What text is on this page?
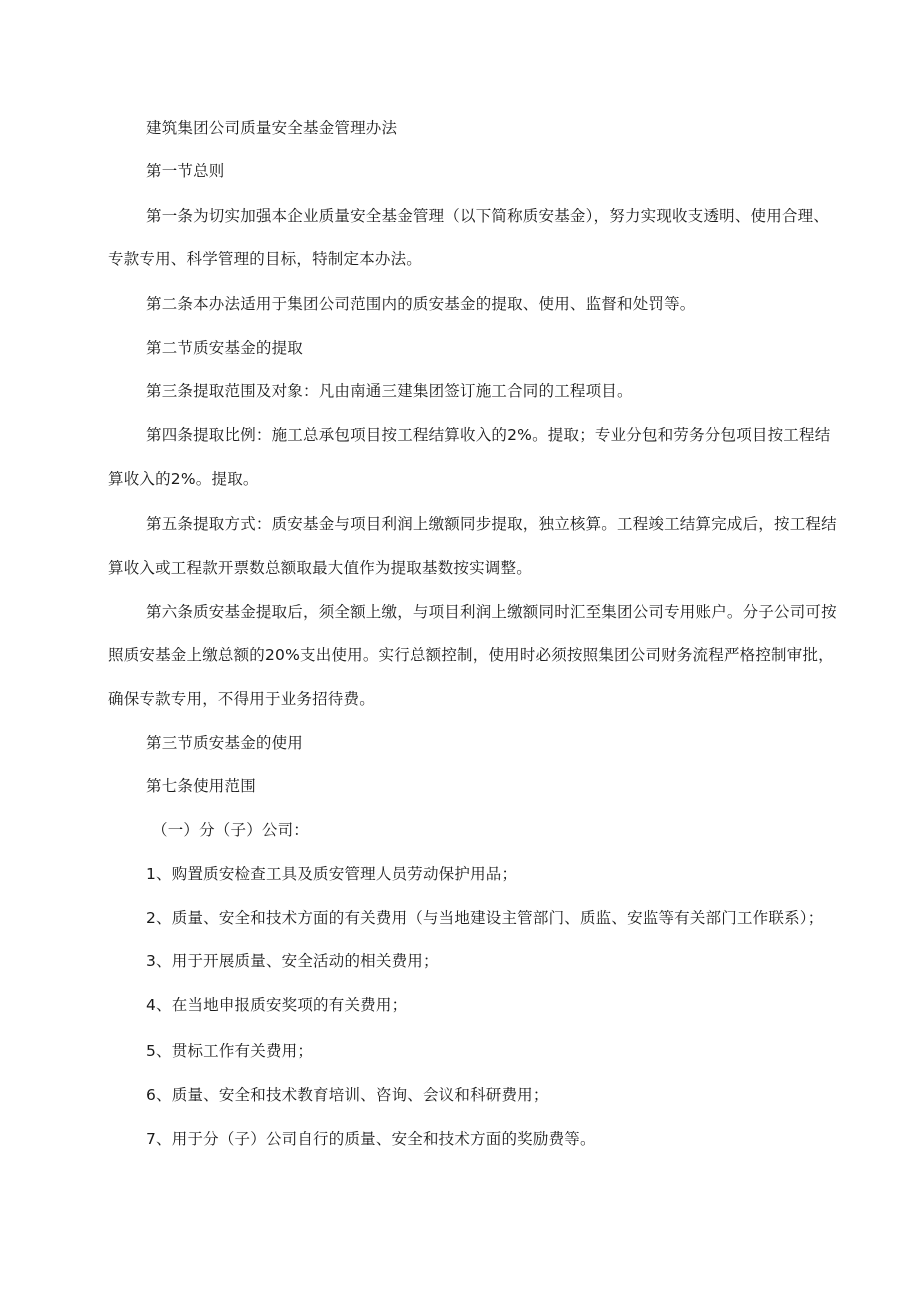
建筑集团公司质量安全基金管理办法
第一节总则
第一条为切实加强本企业质量安全基金管理（以下简称质安基金），努力实现收支透明、使用合理、
专款专用、科学管理的目标，特制定本办法。
第二条本办法适用于集团公司范围内的质安基金的提取、使用、监督和处罚等。
第二节质安基金的提取
第三条提取范围及对象：凡由南通三建集团签订施工合同的工程项目。
第四条提取比例：施工总承包项目按工程结算收入的2%。提取；专业分包和劳务分包项目按工程结
算收入的2%。提取。
第五条提取方式：质安基金与项目利润上缴额同步提取，独立核算。工程竣工结算完成后，按工程结
算收入或工程款开票数总额取最大值作为提取基数按实调整。
第六条质安基金提取后，须全额上缴，与项目利润上缴额同时汇至集团公司专用账户。分子公司可按
照质安基金上缴总额的20%支出使用。实行总额控制，使用时必须按照集团公司财务流程严格控制审批，
确保专款专用，不得用于业务招待费。
第三节质安基金的使用
第七条使用范围
（一）分（子）公司：
1、购置质安检查工具及质安管理人员劳动保护用品；
2、质量、安全和技术方面的有关费用（与当地建设主管部门、质监、安监等有关部门工作联系）；
3、用于开展质量、安全活动的相关费用；
4、在当地申报质安奖项的有关费用；
5、贯标工作有关费用；
6、质量、安全和技术教育培训、咨询、会议和科研费用；
7、用于分（子）公司自行的质量、安全和技术方面的奖励费等。
